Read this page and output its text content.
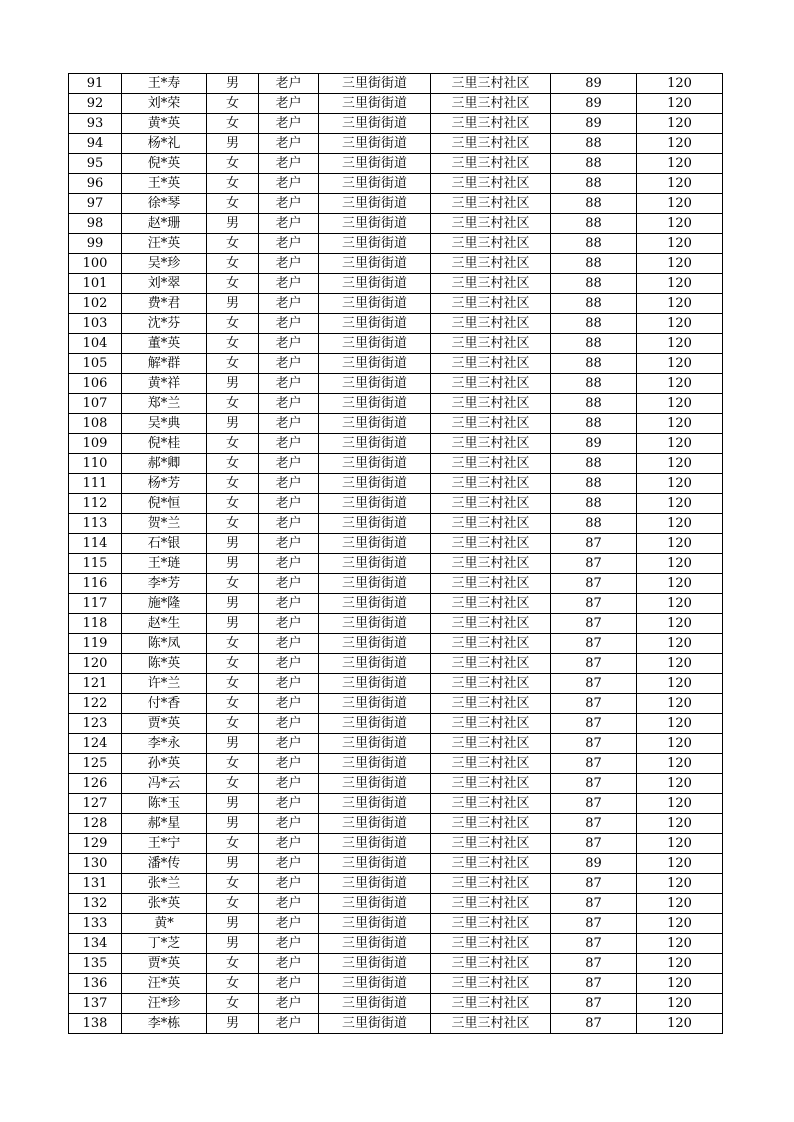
91	王*寿	男	老户	三里街街道	三里三村社区	89	120
92	刘*荣	女	老户	三里街街道	三里三村社区	89	120
93	黄*英	女	老户	三里街街道	三里三村社区	89	120
94	杨*礼	男	老户	三里街街道	三里三村社区	88	120
95	倪*英	女	老户	三里街街道	三里三村社区	88	120
96	王*英	女	老户	三里街街道	三里三村社区	88	120
97	徐*琴	女	老户	三里街街道	三里三村社区	88	120
98	赵*珊	男	老户	三里街街道	三里三村社区	88	120
99	汪*英	女	老户	三里街街道	三里三村社区	88	120
100	吴*珍	女	老户	三里街街道	三里三村社区	88	120
101	刘*翠	女	老户	三里街街道	三里三村社区	88	120
102	费*君	男	老户	三里街街道	三里三村社区	88	120
103	沈*芬	女	老户	三里街街道	三里三村社区	88	120
104	董*英	女	老户	三里街街道	三里三村社区	88	120
105	解*群	女	老户	三里街街道	三里三村社区	88	120
106	黄*祥	男	老户	三里街街道	三里三村社区	88	120
107	郑*兰	女	老户	三里街街道	三里三村社区	88	120
108	吴*典	男	老户	三里街街道	三里三村社区	88	120
109	倪*桂	女	老户	三里街街道	三里三村社区	89	120
110	郝*卿	女	老户	三里街街道	三里三村社区	88	120
111	杨*芳	女	老户	三里街街道	三里三村社区	88	120
112	倪*恒	女	老户	三里街街道	三里三村社区	88	120
113	贺*兰	女	老户	三里街街道	三里三村社区	88	120
114	石*银	男	老户	三里街街道	三里三村社区	87	120
115	王*琏	男	老户	三里街街道	三里三村社区	87	120
116	李*芳	女	老户	三里街街道	三里三村社区	87	120
117	施*隆	男	老户	三里街街道	三里三村社区	87	120
118	赵*生	男	老户	三里街街道	三里三村社区	87	120
119	陈*凤	女	老户	三里街街道	三里三村社区	87	120
120	陈*英	女	老户	三里街街道	三里三村社区	87	120
121	许*兰	女	老户	三里街街道	三里三村社区	87	120
122	付*香	女	老户	三里街街道	三里三村社区	87	120
123	贾*英	女	老户	三里街街道	三里三村社区	87	120
124	李*永	男	老户	三里街街道	三里三村社区	87	120
125	孙*英	女	老户	三里街街道	三里三村社区	87	120
126	冯*云	女	老户	三里街街道	三里三村社区	87	120
127	陈*玉	男	老户	三里街街道	三里三村社区	87	120
128	郝*星	男	老户	三里街街道	三里三村社区	87	120
129	王*宁	女	老户	三里街街道	三里三村社区	87	120
130	潘*传	男	老户	三里街街道	三里三村社区	89	120
131	张*兰	女	老户	三里街街道	三里三村社区	87	120
132	张*英	女	老户	三里街街道	三里三村社区	87	120
133	黄*	男	老户	三里街街道	三里三村社区	87	120
134	丁*芝	男	老户	三里街街道	三里三村社区	87	120
135	贾*英	女	老户	三里街街道	三里三村社区	87	120
136	汪*英	女	老户	三里街街道	三里三村社区	87	120
137	汪*珍	女	老户	三里街街道	三里三村社区	87	120
138	李*栋	男	老户	三里街街道	三里三村社区	87	120
